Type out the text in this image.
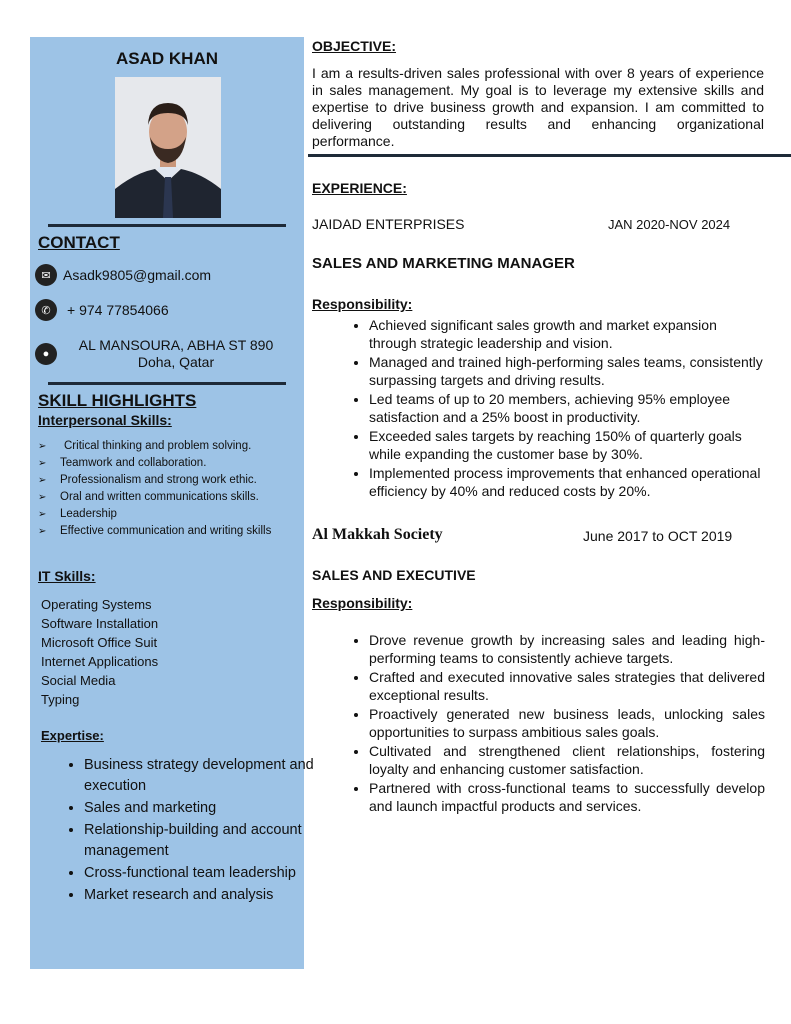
ASAD KHAN
CONTACT
✉ Asadk9805@gmail.com
✆	+ 974 77854066
●
AL MANSOURA, ABHA ST 890
Doha, Qatar
SKILL HIGHLIGHTS
Interpersonal Skills:
➢ Critical thinking and problem solving.
➢ Teamwork and collaboration.
➢ Professionalism and strong work ethic.
➢ Oral and written communications skills.
➢ Leadership
➢ Effective communication and writing skills
IT Skills:
Operating Systems
Software Installation
Microsoft Office Suit
Internet Applications
Social Media
Typing
Expertise:
• Business strategy development and execution
• Sales and marketing
• Relationship-building and account management
• Cross-functional team leadership
• Market research and analysis
OBJECTIVE:
I am a results-driven sales professional with over 8 years of experience in sales management. My goal is to leverage my extensive skills and expertise to drive business growth and expansion. I am committed to delivering outstanding results and enhancing organizational performance.
EXPERIENCE:
JAIDAD ENTERPRISES	JAN 2020-NOV 2024
SALES AND MARKETING MANAGER
Responsibility:
• Achieved significant sales growth and market expansion through strategic leadership and vision.
• Managed and trained high-performing sales teams, consistently surpassing targets and driving results.
• Led teams of up to 20 members, achieving 95% employee satisfaction and a 25% boost in productivity.
• Exceeded sales targets by reaching 150% of quarterly goals while expanding the customer base by 30%.
• Implemented process improvements that enhanced operational efficiency by 40% and reduced costs by 20%.
Al Makkah Society	June 2017 to OCT 2019
SALES AND EXECUTIVE
Responsibility:
• Drove revenue growth by increasing sales and leading high-performing teams to consistently achieve targets.
• Crafted and executed innovative sales strategies that delivered exceptional results.
• Proactively generated new business leads, unlocking sales opportunities to surpass ambitious sales goals.
• Cultivated and strengthened client relationships, fostering loyalty and enhancing customer satisfaction.
• Partnered with cross-functional teams to successfully develop and launch impactful products and services.
